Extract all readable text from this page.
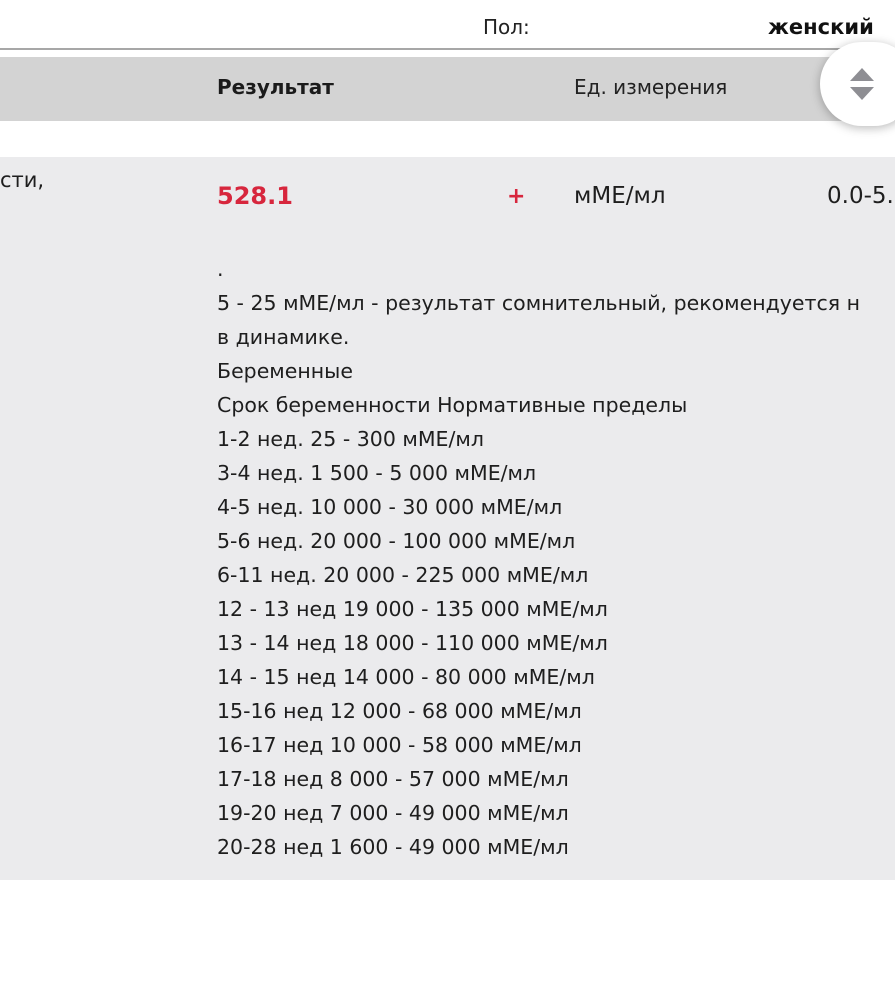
Пол:	женский
Результат	Ед. измерения
сти,
528.1	+ мМЕ/мл	0.0-5.
.
5 - 25 мМЕ/мл - результат сомнительный, рекомендуется н
в динамике.
Беременные
Срок беременности Нормативные пределы
1-2 нед. 25 - 300 мМЕ/мл
3-4 нед. 1 500 - 5 000 мМЕ/мл
4-5 нед. 10 000 - 30 000 мМЕ/мл
5-6 нед. 20 000 - 100 000 мМЕ/мл
6-11 нед. 20 000 - 225 000 мМЕ/мл
12 - 13 нед 19 000 - 135 000 мМЕ/мл
13 - 14 нед 18 000 - 110 000 мМЕ/мл
14 - 15 нед 14 000 - 80 000 мМЕ/мл
15-16 нед 12 000 - 68 000 мМЕ/мл
16-17 нед 10 000 - 58 000 мМЕ/мл
17-18 нед 8 000 - 57 000 мМЕ/мл
19-20 нед 7 000 - 49 000 мМЕ/мл
20-28 нед 1 600 - 49 000 мМЕ/мл
